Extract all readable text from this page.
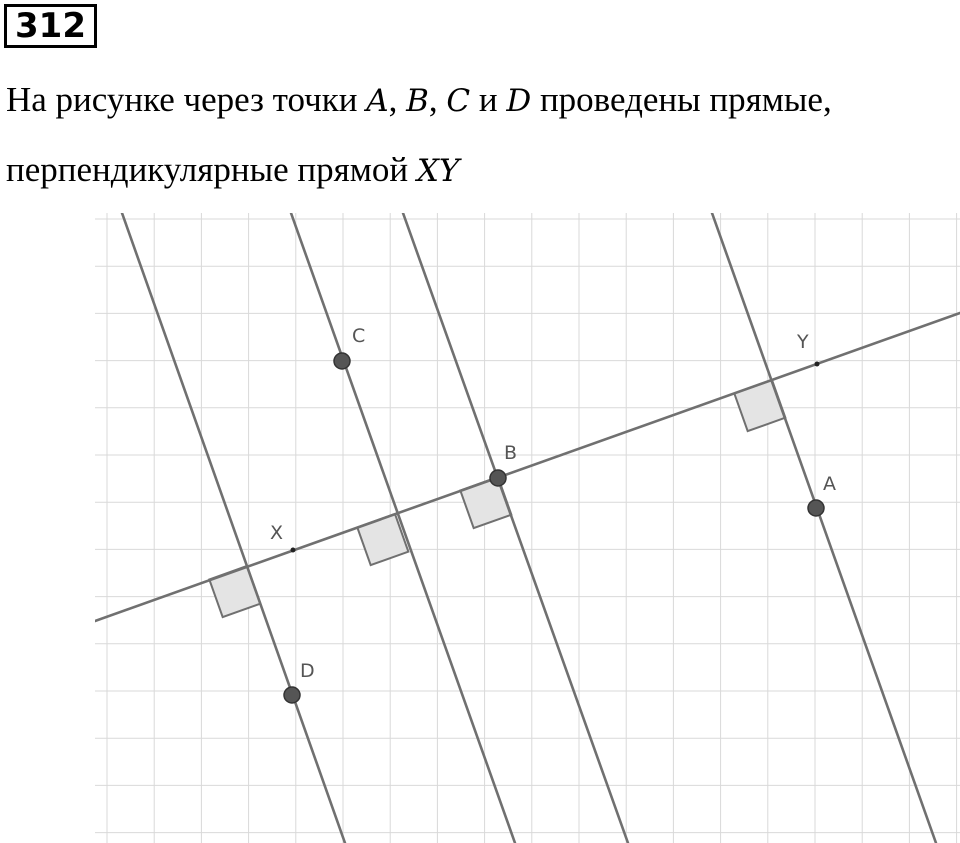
312

На рисунке через точки A, B, C и D проведены прямые,

перпендикулярные прямой XY

C
B
X
Y
A
D
